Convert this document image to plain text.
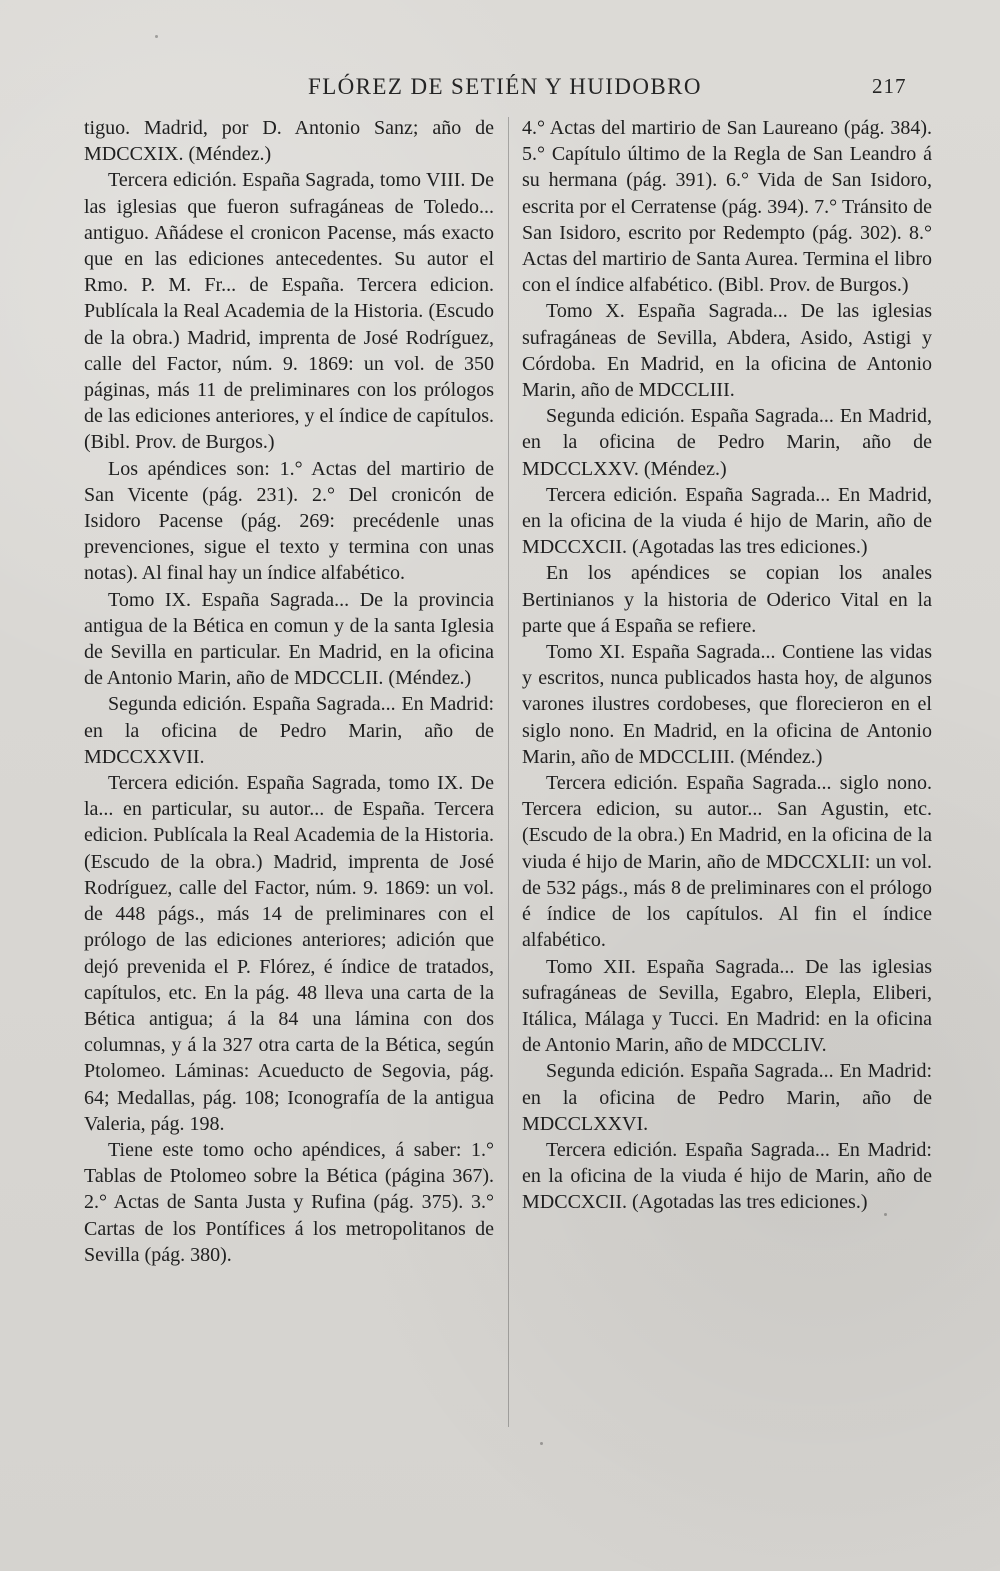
FLÓREZ DE SETIÉN Y HUIDOBRO	217

tiguo. Madrid, por D. Antonio Sanz; año de MDCCXIX. (Méndez.)

Tercera edición. España Sagrada, tomo VIII. De las iglesias que fueron sufragáneas de Toledo... antiguo. Añádese el cronicon Pacense, más exacto que en las ediciones antecedentes. Su autor el Rmo. P. M. Fr... de España. Tercera edicion. Publícala la Real Academia de la Historia. (Escudo de la obra.) Madrid, imprenta de José Rodríguez, calle del Factor, núm. 9. 1869: un vol. de 350 páginas, más 11 de preliminares con los prólogos de las ediciones anteriores, y el índice de capítulos. (Bibl. Prov. de Burgos.)

Los apéndices son: 1.° Actas del martirio de San Vicente (pág. 231). 2.° Del cronicón de Isidoro Pacense (pág. 269: precédenle unas prevenciones, sigue el texto y termina con unas notas). Al final hay un índice alfabético.

Tomo IX. España Sagrada... De la provincia antigua de la Bética en comun y de la santa Iglesia de Sevilla en particular. En Madrid, en la oficina de Antonio Marin, año de MDCCLII. (Méndez.)

Segunda edición. España Sagrada... En Madrid: en la oficina de Pedro Marin, año de MDCCXXVII.

Tercera edición. España Sagrada, tomo IX. De la... en particular, su autor... de España. Tercera edicion. Publícala la Real Academia de la Historia. (Escudo de la obra.) Madrid, imprenta de José Rodríguez, calle del Factor, núm. 9. 1869: un vol. de 448 págs., más 14 de preliminares con el prólogo de las ediciones anteriores; adición que dejó prevenida el P. Flórez, é índice de tratados, capítulos, etc. En la pág. 48 lleva una carta de la Bética antigua; á la 84 una lámina con dos columnas, y á la 327 otra carta de la Bética, según Ptolomeo. Láminas: Acueducto de Segovia, pág. 64; Medallas, pág. 108; Iconografía de la antigua Valeria, pág. 198.

Tiene este tomo ocho apéndices, á saber: 1.° Tablas de Ptolomeo sobre la Bética (página 367). 2.° Actas de Santa Justa y Rufina (pág. 375). 3.° Cartas de los Pontífices á los metropolitanos de Sevilla (pág. 380).

4.° Actas del martirio de San Laureano (pág. 384). 5.° Capítulo último de la Regla de San Leandro á su hermana (pág. 391). 6.° Vida de San Isidoro, escrita por el Cerratense (pág. 394). 7.° Tránsito de San Isidoro, escrito por Redempto (pág. 302). 8.° Actas del martirio de Santa Aurea. Termina el libro con el índice alfabético. (Bibl. Prov. de Burgos.)

Tomo X. España Sagrada... De las iglesias sufragáneas de Sevilla, Abdera, Asido, Astigi y Córdoba. En Madrid, en la oficina de Antonio Marin, año de MDCCLIII.

Segunda edición. España Sagrada... En Madrid, en la oficina de Pedro Marin, año de MDCCLXXV. (Méndez.)

Tercera edición. España Sagrada... En Madrid, en la oficina de la viuda é hijo de Marin, año de MDCCXCII. (Agotadas las tres ediciones.)

En los apéndices se copian los anales Bertinianos y la historia de Oderico Vital en la parte que á España se refiere.

Tomo XI. España Sagrada... Contiene las vidas y escritos, nunca publicados hasta hoy, de algunos varones ilustres cordobeses, que florecieron en el siglo nono. En Madrid, en la oficina de Antonio Marin, año de MDCCLIII. (Méndez.)

Tercera edición. España Sagrada... siglo nono. Tercera edicion, su autor... San Agustin, etc. (Escudo de la obra.) En Madrid, en la oficina de la viuda é hijo de Marin, año de MDCCXLII: un vol. de 532 págs., más 8 de preliminares con el prólogo é índice de los capítulos. Al fin el índice alfabético.

Tomo XII. España Sagrada... De las iglesias sufragáneas de Sevilla, Egabro, Elepla, Eliberi, Itálica, Málaga y Tucci. En Madrid: en la oficina de Antonio Marin, año de MDCCLIV.

Segunda edición. España Sagrada... En Madrid: en la oficina de Pedro Marin, año de MDCCLXXVI.

Tercera edición. España Sagrada... En Madrid: en la oficina de la viuda é hijo de Marin, año de MDCCXCII. (Agotadas las tres ediciones.)
